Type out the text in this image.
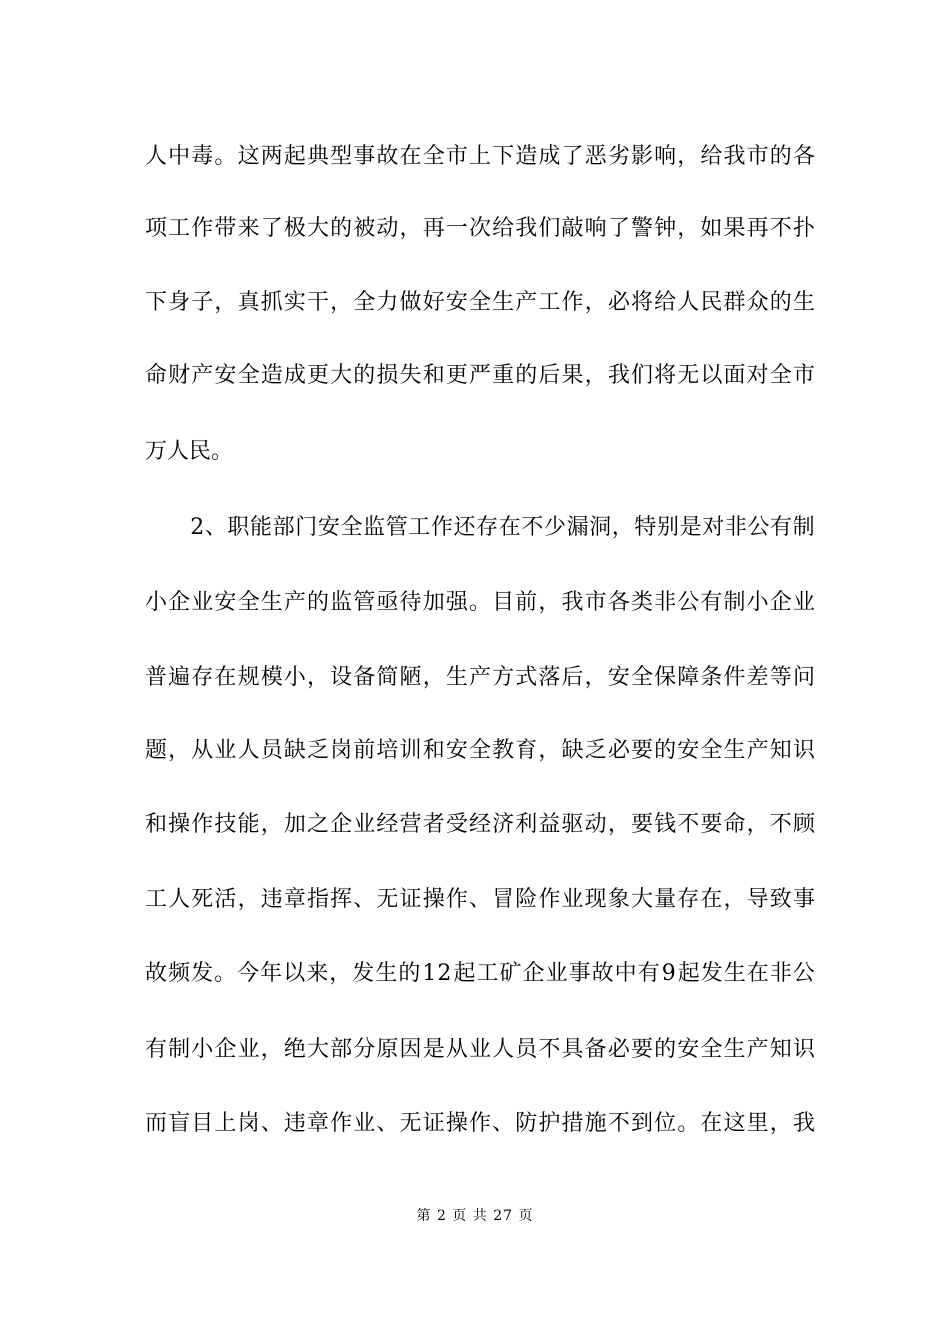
人 中 毒 。 这 两 起 典 型 事 故 在 全 市 上 下 造 成 了 恶 劣 影 响 ， 给 我 市 的 各
项 工 作 带 来 了 极 大 的 被 动 ， 再 一 次 给 我 们 敲 响 了 警 钟 ， 如 果 再 不 扑
下 身 子 ， 真 抓 实 干 ， 全 力 做 好 安 全 生 产 工 作 ， 必 将 给 人 民 群 众 的 生
命 财 产 安 全 造 成 更 大 的 损 失 和 更 严 重 的 后 果 ， 我 们 将 无 以 面 对 全 市
万人民。

2 、 职 能 部 门 安 全 监 管 工 作 还 存 在 不 少 漏 洞 ， 特 别 是 对 非 公 有 制
小 企 业 安 全 生 产 的 监 管 亟 待 加 强 。 目 前 ， 我 市 各 类 非 公 有 制 小 企 业
普 遍 存 在 规 模 小 ， 设 备 简 陋 ， 生 产 方 式 落 后 ， 安 全 保 障 条 件 差 等 问
题 ， 从 业 人 员 缺 乏 岗 前 培 训 和 安 全 教 育 ， 缺 乏 必 要 的 安 全 生 产 知 识
和 操 作 技 能 ， 加 之 企 业 经 营 者 受 经 济 利 益 驱 动 ， 要 钱 不 要 命 ， 不 顾
工 人 死 活 ， 违 章 指 挥 、 无 证 操 作 、 冒 险 作 业 现 象 大 量 存 在 ， 导 致 事
故 频 发 。 今 年 以 来 ， 发 生 的 1 2 起 工 矿 企 业 事 故 中 有 9 起 发 生 在 非 公
有 制 小 企 业 ， 绝 大 部 分 原 因 是 从 业 人 员 不 具 备 必 要 的 安 全 生 产 知 识
而 盲 目 上 岗 、 违 章 作 业 、 无 证 操 作 、 防 护 措 施 不 到 位 。 在 这 里 ， 我
第 2 页 共 27 页
